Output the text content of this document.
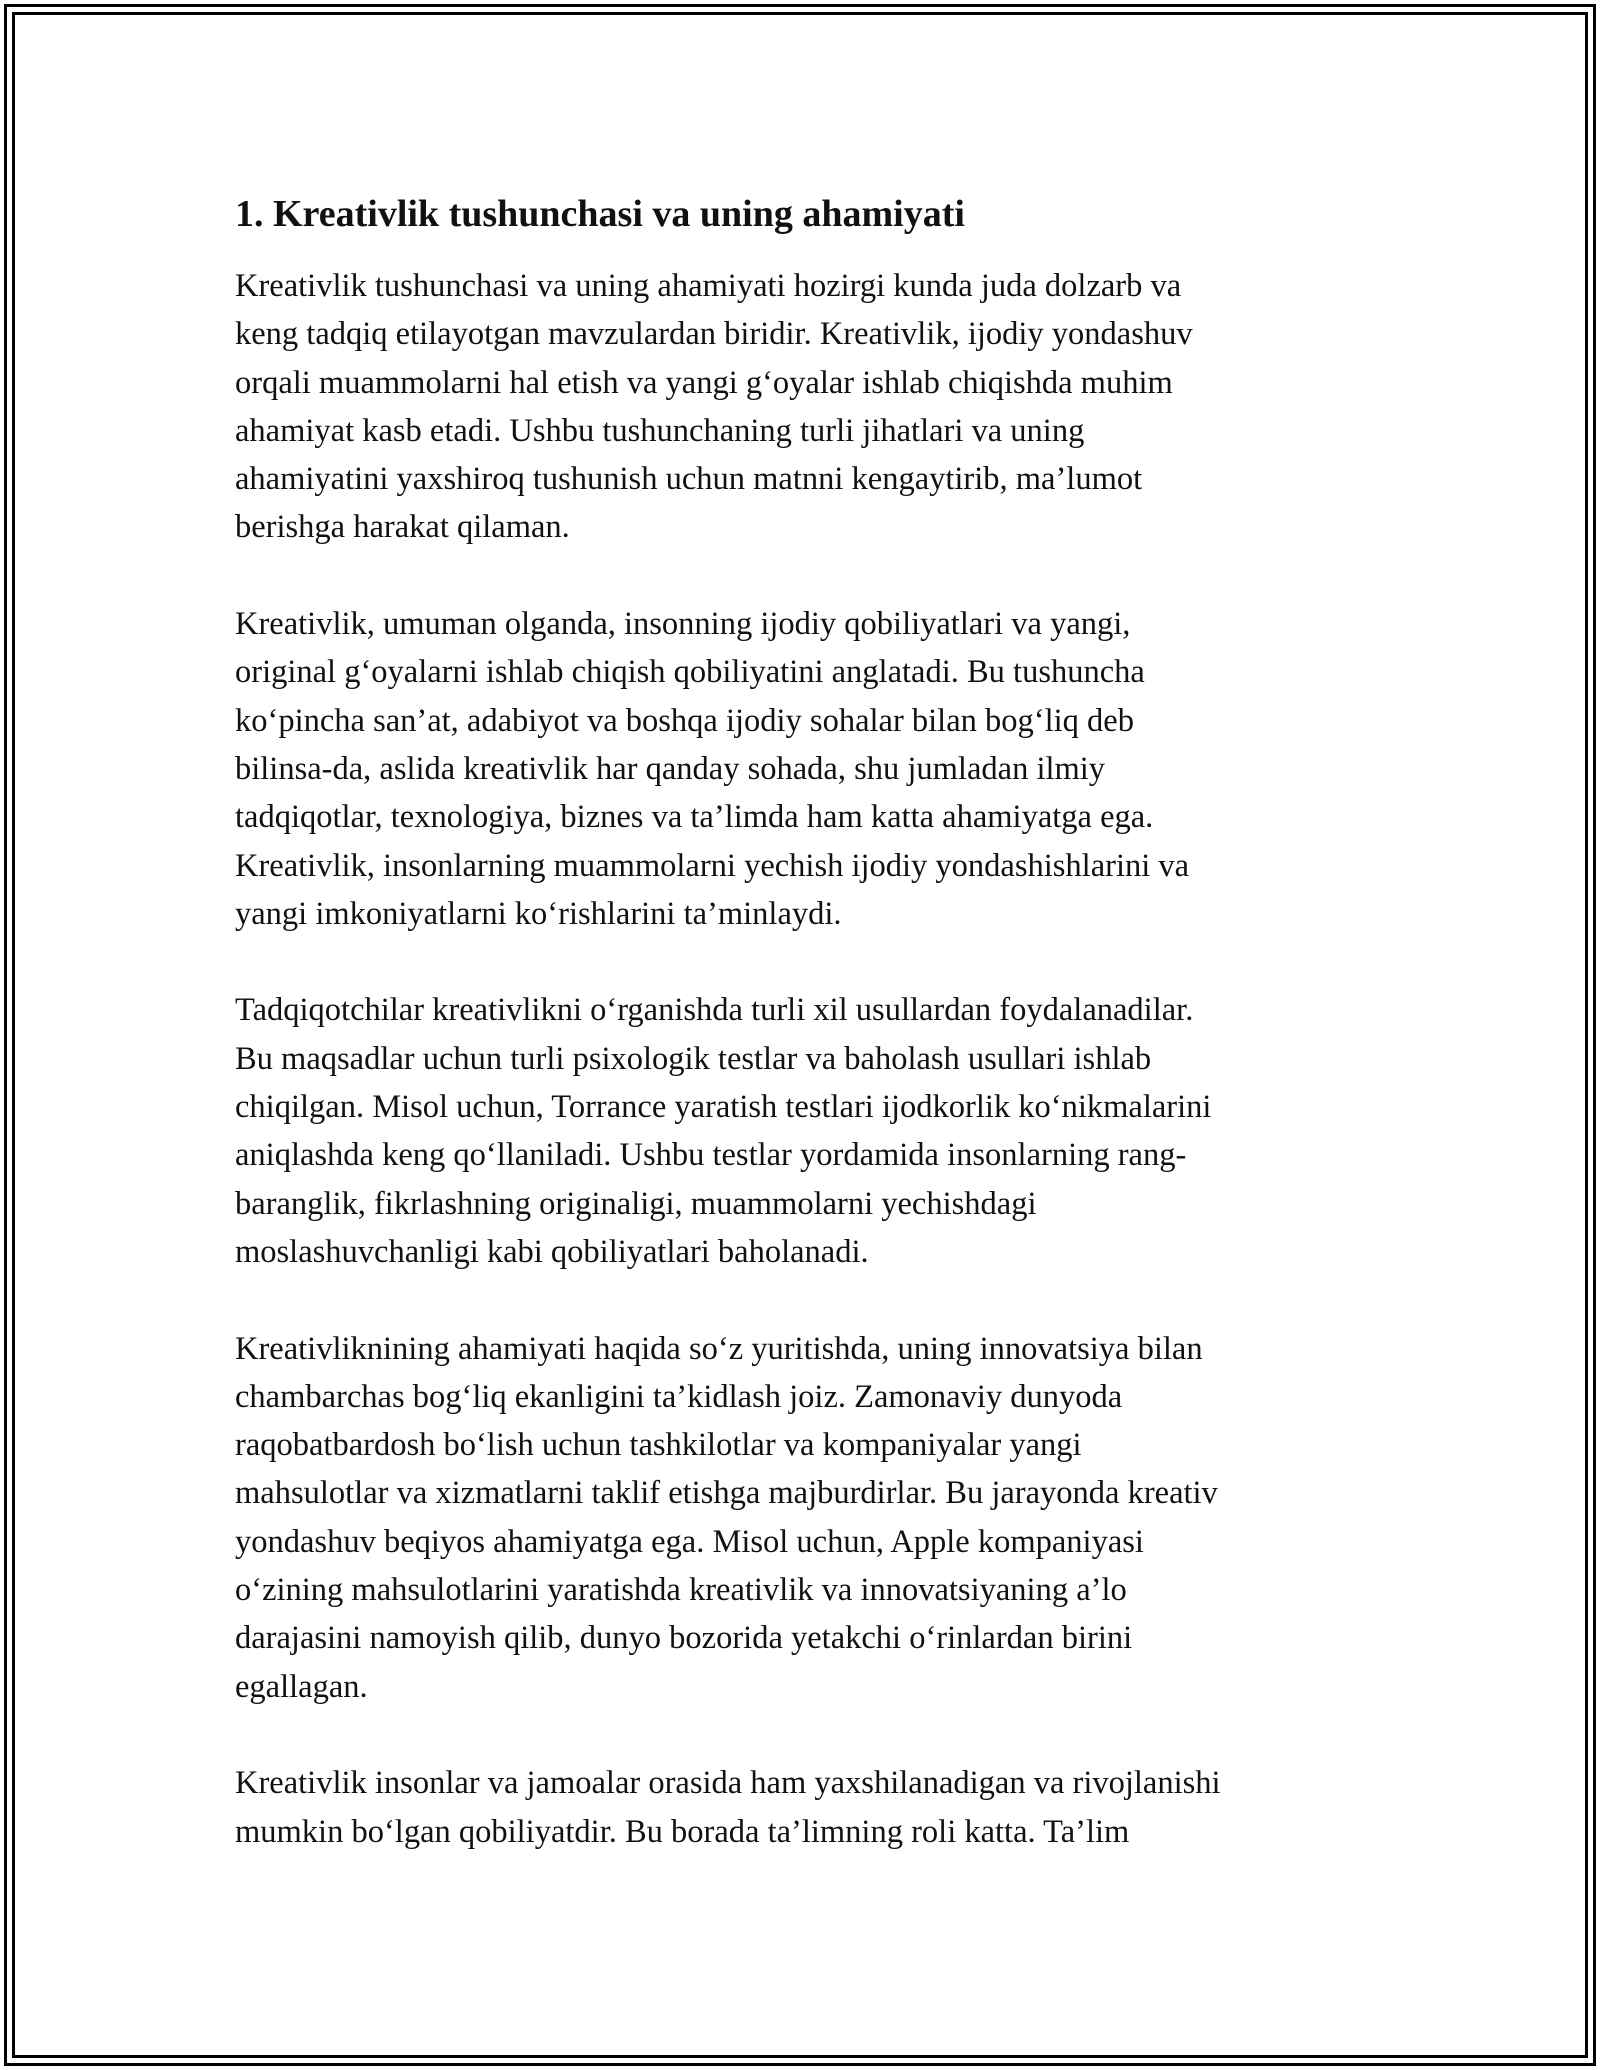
1. Kreativlik tushunchasi va uning ahamiyati
Kreativlik tushunchasi va uning ahamiyati hozirgi kunda juda dolzarb va
keng tadqiq etilayotgan mavzulardan biridir. Kreativlik, ijodiy yondashuv
orqali muammolarni hal etish va yangi g‘oyalar ishlab chiqishda muhim
ahamiyat kasb etadi. Ushbu tushunchaning turli jihatlari va uning
ahamiyatini yaxshiroq tushunish uchun matnni kengaytirib, ma’lumot
berishga harakat qilaman.
Kreativlik, umuman olganda, insonning ijodiy qobiliyatlari va yangi,
original g‘oyalarni ishlab chiqish qobiliyatini anglatadi. Bu tushuncha
ko‘pincha san’at, adabiyot va boshqa ijodiy sohalar bilan bog‘liq deb
bilinsa-da, aslida kreativlik har qanday sohada, shu jumladan ilmiy
tadqiqotlar, texnologiya, biznes va ta’limda ham katta ahamiyatga ega.
Kreativlik, insonlarning muammolarni yechish ijodiy yondashishlarini va
yangi imkoniyatlarni ko‘rishlarini ta’minlaydi.
Tadqiqotchilar kreativlikni o‘rganishda turli xil usullardan foydalanadilar.
Bu maqsadlar uchun turli psixologik testlar va baholash usullari ishlab
chiqilgan. Misol uchun, Torrance yaratish testlari ijodkorlik ko‘nikmalarini
aniqlashda keng qo‘llaniladi. Ushbu testlar yordamida insonlarning rang-
baranglik, fikrlashning originaligi, muammolarni yechishdagi
moslashuvchanligi kabi qobiliyatlari baholanadi.
Kreativliknining ahamiyati haqida so‘z yuritishda, uning innovatsiya bilan
chambarchas bog‘liq ekanligini ta’kidlash joiz. Zamonaviy dunyoda
raqobatbardosh bo‘lish uchun tashkilotlar va kompaniyalar yangi
mahsulotlar va xizmatlarni taklif etishga majburdirlar. Bu jarayonda kreativ
yondashuv beqiyos ahamiyatga ega. Misol uchun, Apple kompaniyasi
o‘zining mahsulotlarini yaratishda kreativlik va innovatsiyaning a’lo
darajasini namoyish qilib, dunyo bozorida yetakchi o‘rinlardan birini
egallagan.
Kreativlik insonlar va jamoalar orasida ham yaxshilanadigan va rivojlanishi
mumkin bo‘lgan qobiliyatdir. Bu borada ta’limning roli katta. Ta’lim
